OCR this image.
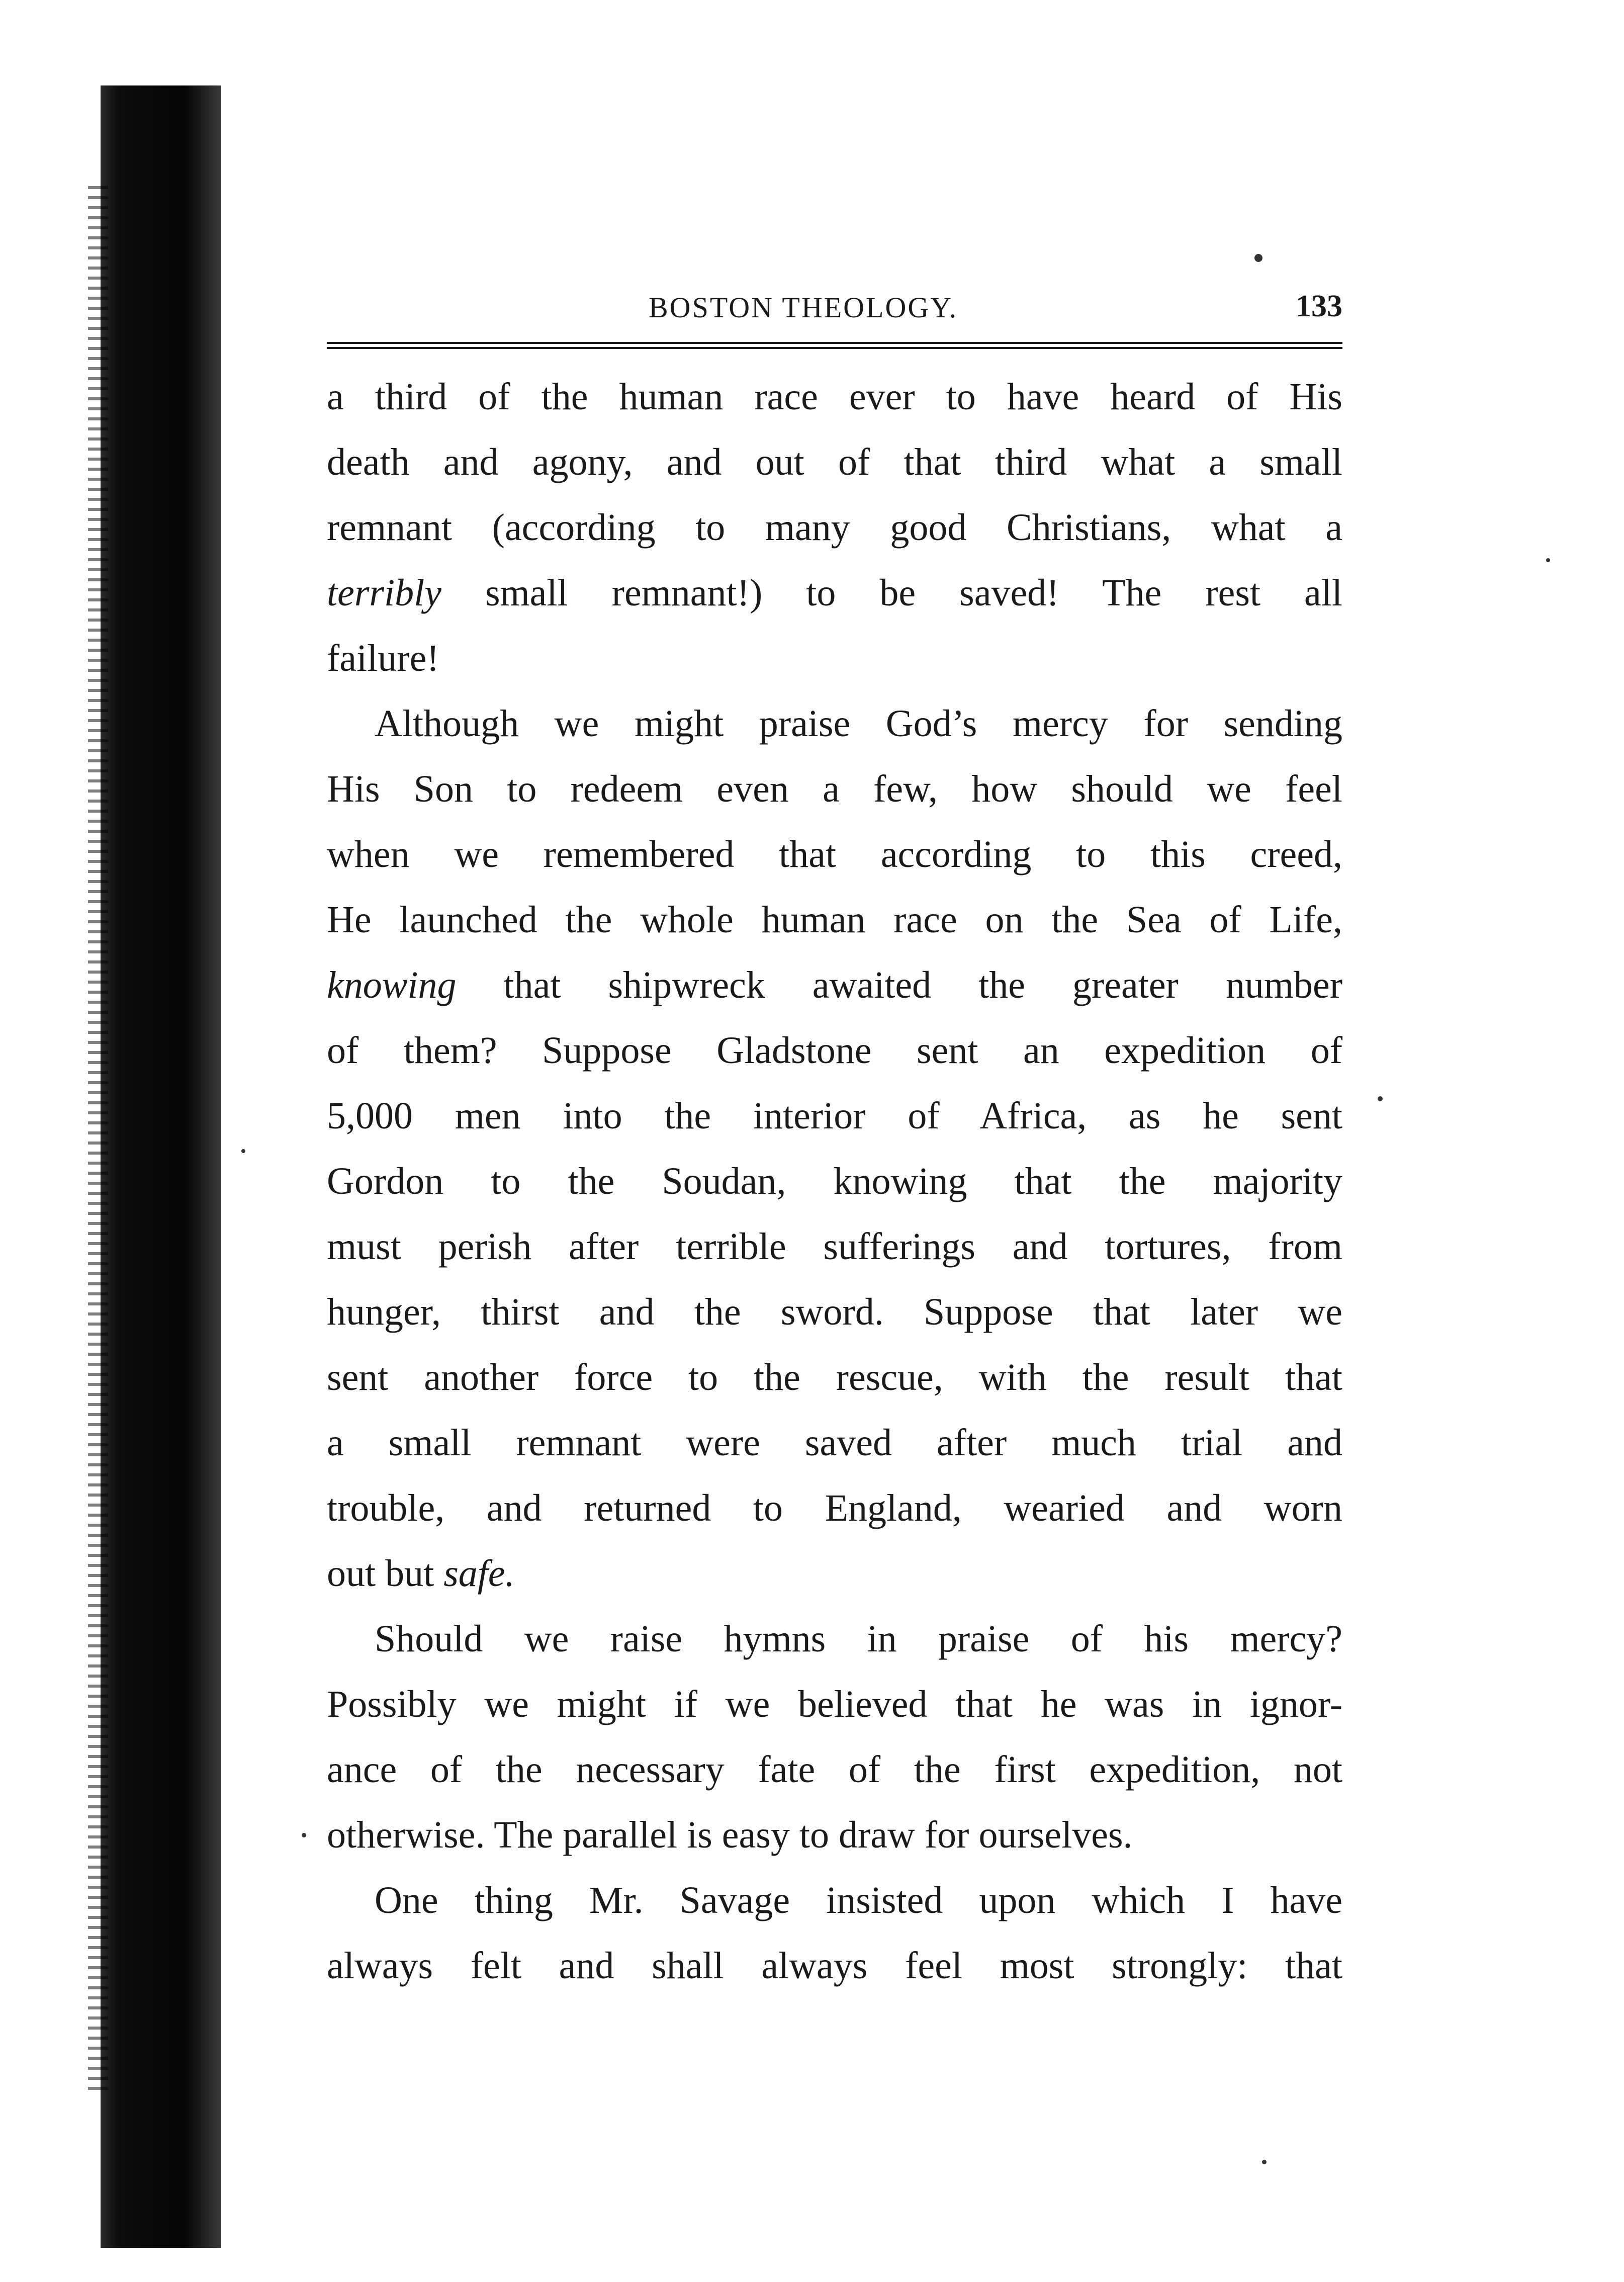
BOSTON THEOLOGY.	133

a third of the human race ever to have heard of His
death and agony, and out of that third what a small
remnant (according to many good Christians, what a
terribly small remnant!) to be saved! The rest all
failure!

Although we might praise God’s mercy for sending
His Son to redeem even a few, how should we feel
when we remembered that according to this creed,
He launched the whole human race on the Sea of Life,
knowing that shipwreck awaited the greater number
of them? Suppose Gladstone sent an expedition of
5,000 men into the interior of Africa, as he sent
Gordon to the Soudan, knowing that the majority
must perish after terrible sufferings and tortures, from
hunger, thirst and the sword. Suppose that later we
sent another force to the rescue, with the result that
a small remnant were saved after much trial and
trouble, and returned to England, wearied and worn
out but safe.

Should we raise hymns in praise of his mercy?
Possibly we might if we believed that he was in ignor-
ance of the necessary fate of the first expedition, not
otherwise. The parallel is easy to draw for ourselves.

One thing Mr. Savage insisted upon which I have
always felt and shall always feel most strongly: that
